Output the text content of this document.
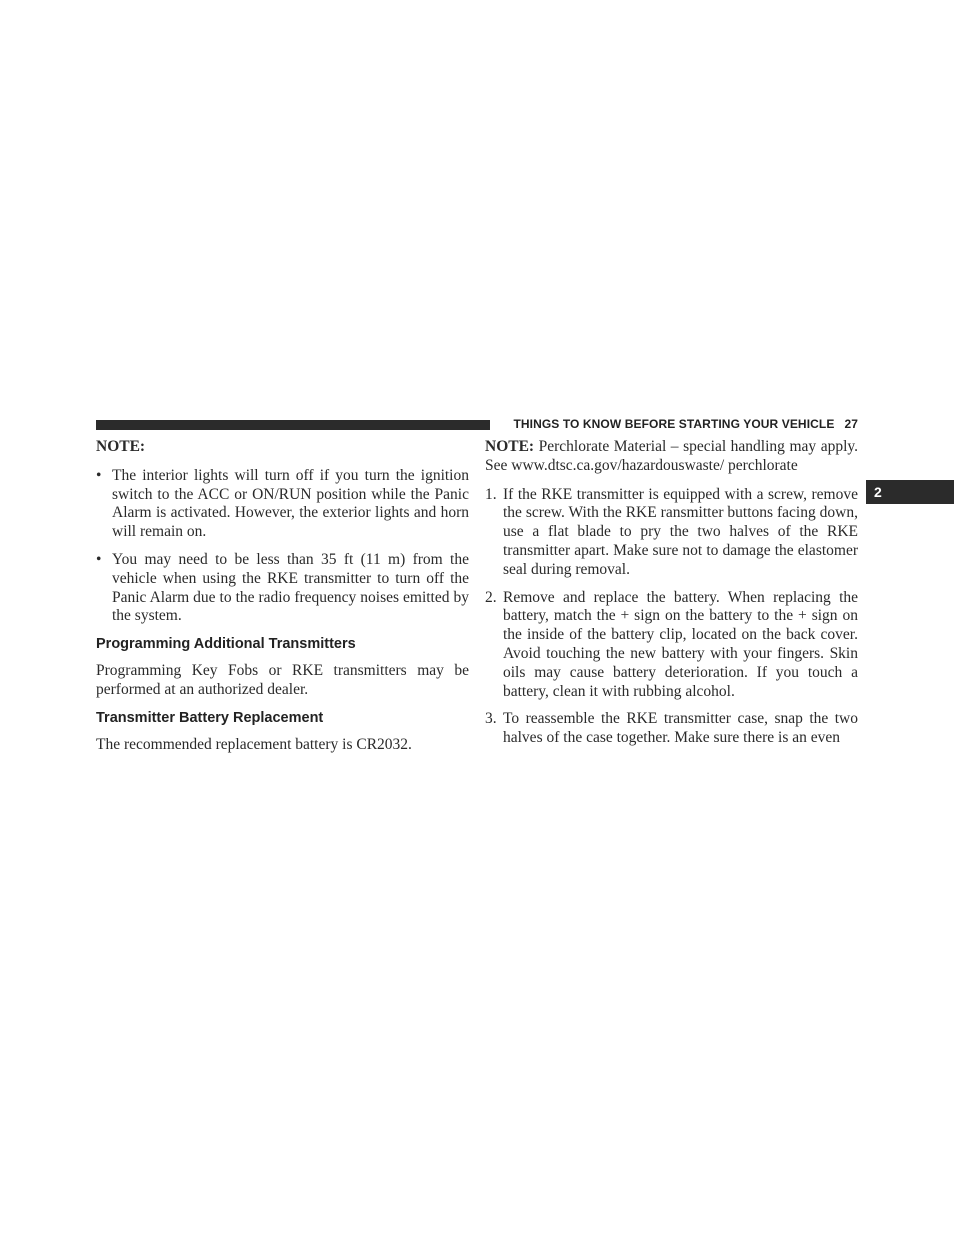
THINGS TO KNOW BEFORE STARTING YOUR VEHICLE 27
2

NOTE:

• The interior lights will turn off if you turn the ignition switch to the ACC or ON/RUN position while the Panic Alarm is activated. However, the exterior lights and horn will remain on.
• You may need to be less than 35 ft (11 m) from the vehicle when using the RKE transmitter to turn off the Panic Alarm due to the radio frequency noises emitted by the system.
Programming Additional Transmitters

Programming Key Fobs or RKE transmitters may be performed at an authorized dealer.

Transmitter Battery Replacement

The recommended replacement battery is CR2032.

NOTE: Perchlorate Material – special handling may apply. See www.dtsc.ca.gov/hazardouswaste/ perchlorate

1. If the RKE transmitter is equipped with a screw, remove the screw. With the RKE ransmitter buttons facing down, use a flat blade to pry the two halves of the RKE transmitter apart. Make sure not to damage the elastomer seal during removal.
2. Remove and replace the battery. When replacing the battery, match the + sign on the battery to the + sign on the inside of the battery clip, located on the back cover. Avoid touching the new battery with your fingers. Skin oils may cause battery deterioration. If you touch a battery, clean it with rubbing alcohol.
3. To reassemble the RKE transmitter case, snap the two halves of the case together. Make sure there is an even
